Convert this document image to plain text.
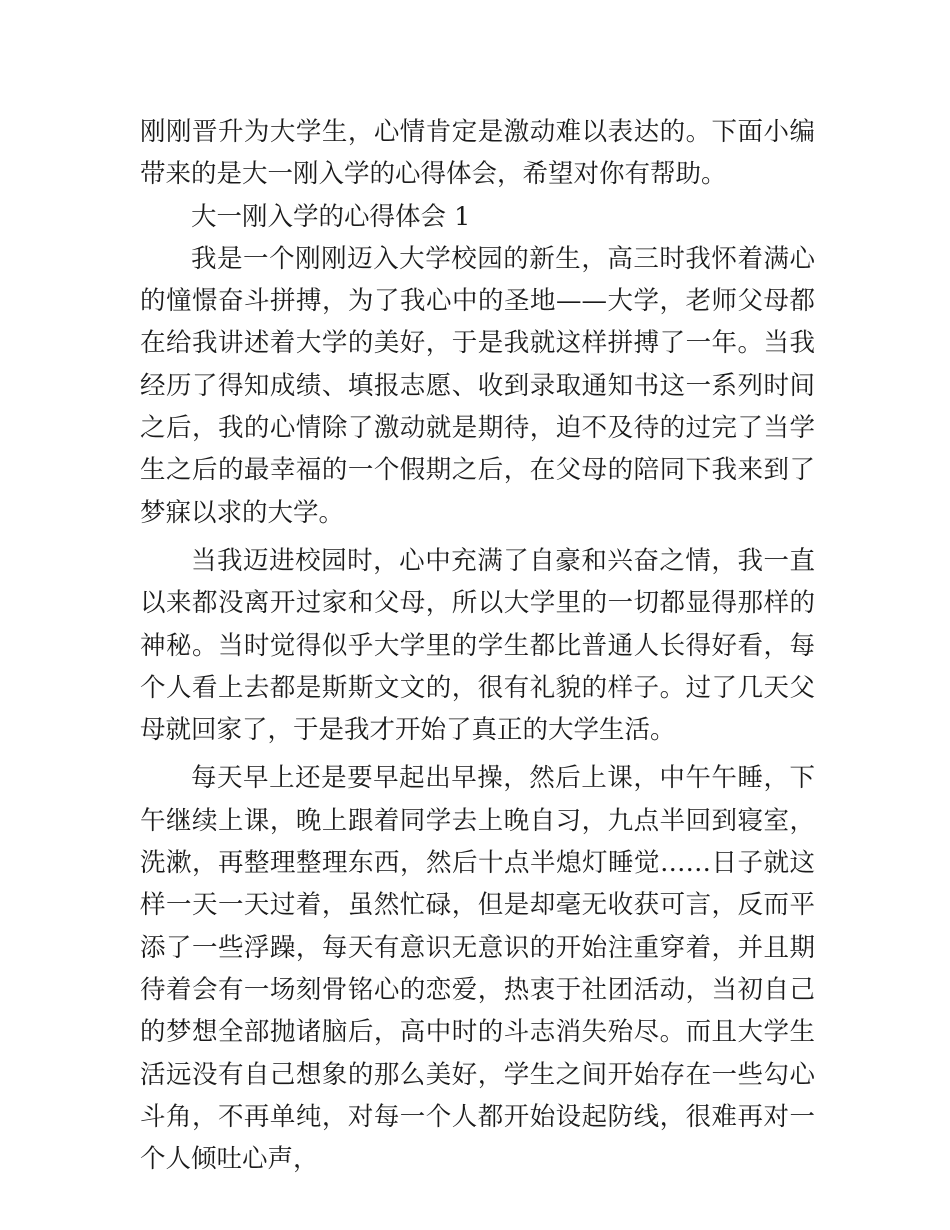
刚刚晋升为大学生，心情肯定是激动难以表达的。下面小编带来的是大一刚入学的心得体会，希望对你有帮助。

大一刚入学的心得体会 1

我是一个刚刚迈入大学校园的新生，高三时我怀着满心的憧憬奋斗拼搏，为了我心中的圣地——大学，老师父母都在给我讲述着大学的美好，于是我就这样拼搏了一年。当我经历了得知成绩、填报志愿、收到录取通知书这一系列时间之后，我的心情除了激动就是期待，迫不及待的过完了当学生之后的最幸福的一个假期之后，在父母的陪同下我来到了梦寐以求的大学。

当我迈进校园时，心中充满了自豪和兴奋之情，我一直以来都没离开过家和父母，所以大学里的一切都显得那样的神秘。当时觉得似乎大学里的学生都比普通人长得好看，每个人看上去都是斯斯文文的，很有礼貌的样子。过了几天父母就回家了，于是我才开始了真正的大学生活。

每天早上还是要早起出早操，然后上课，中午午睡，下午继续上课，晚上跟着同学去上晚自习，九点半回到寝室，洗漱，再整理整理东西，然后十点半熄灯睡觉……日子就这样一天一天过着，虽然忙碌，但是却毫无收获可言，反而平添了一些浮躁，每天有意识无意识的开始注重穿着，并且期待着会有一场刻骨铭心的恋爱，热衷于社团活动，当初自己的梦想全部抛诸脑后，高中时的斗志消失殆尽。而且大学生活远没有自己想象的那么美好，学生之间开始存在一些勾心斗角，不再单纯，对每一个人都开始设起防线，很难再对一个人倾吐心声，
